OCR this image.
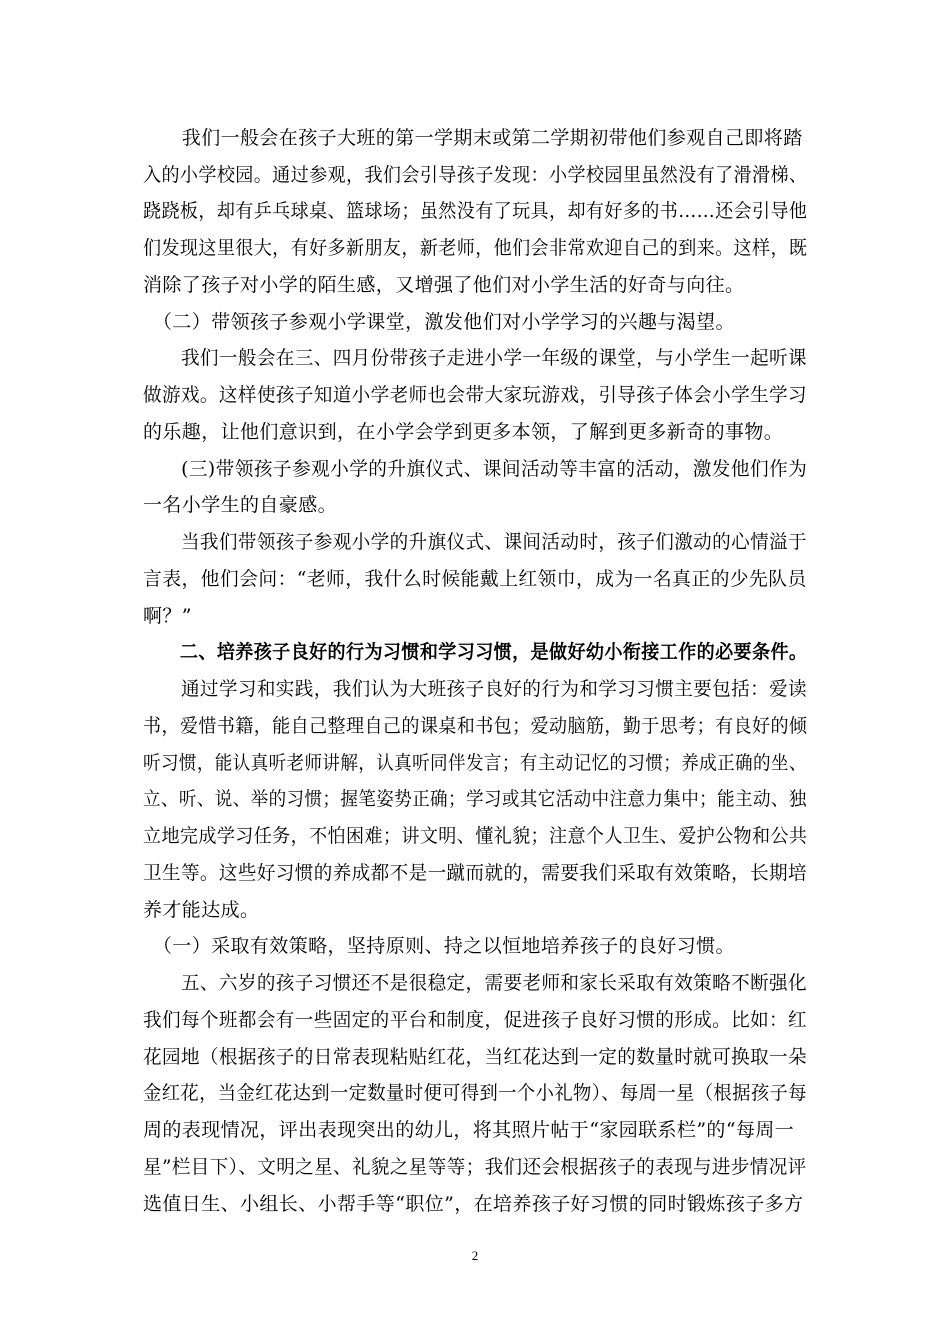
　　我们一般会在孩子大班的第一学期末或第二学期初带他们参观自己即将踏

入的小学校园。通过参观，我们会引导孩子发现：小学校园里虽然没有了滑滑梯、

跷跷板，却有乒乓球桌、篮球场；虽然没有了玩具，却有好多的书……还会引导他

们发现这里很大，有好多新朋友，新老师，他们会非常欢迎自己的到来。这样，既

消除了孩子对小学的陌生感，又增强了他们对小学生活的好奇与向往。

　（二）带领孩子参观小学课堂，激发他们对小学学习的兴趣与渴望。

　　我们一般会在三、四月份带孩子走进小学一年级的课堂，与小学生一起听课

做游戏。这样使孩子知道小学老师也会带大家玩游戏，引导孩子体会小学生学习

的乐趣，让他们意识到，在小学会学到更多本领，了解到更多新奇的事物。

　　(三)带领孩子参观小学的升旗仪式、课间活动等丰富的活动，激发他们作为

一名小学生的自豪感。

　　当我们带领孩子参观小学的升旗仪式、课间活动时，孩子们激动的心情溢于

言表，他们会问：“老师，我什么时候能戴上红领巾，成为一名真正的少先队员

啊？”

　　二、培养孩子良好的行为习惯和学习习惯，是做好幼小衔接工作的必要条件。

　　通过学习和实践，我们认为大班孩子良好的行为和学习习惯主要包括：爱读

书，爱惜书籍，能自己整理自己的课桌和书包；爱动脑筋，勤于思考；有良好的倾

听习惯，能认真听老师讲解，认真听同伴发言；有主动记忆的习惯；养成正确的坐、

立、听、说、举的习惯；握笔姿势正确；学习或其它活动中注意力集中；能主动、独

立地完成学习任务，不怕困难；讲文明、懂礼貌；注意个人卫生、爱护公物和公共

卫生等。这些好习惯的养成都不是一蹴而就的，需要我们采取有效策略，长期培

养才能达成。

　（一）采取有效策略，坚持原则、持之以恒地培养孩子的良好习惯。

　　五、六岁的孩子习惯还不是很稳定，需要老师和家长采取有效策略不断强化

我们每个班都会有一些固定的平台和制度，促进孩子良好习惯的形成。比如：红

花园地（根据孩子的日常表现粘贴红花，当红花达到一定的数量时就可换取一朵

金红花，当金红花达到一定数量时便可得到一个小礼物）、每周一星（根据孩子每

周的表现情况，评出表现突出的幼儿，将其照片帖于“家园联系栏”的“每周一

星”栏目下）、文明之星、礼貌之星等等；我们还会根据孩子的表现与进步情况评

选值日生、小组长、小帮手等“职位”，在培养孩子好习惯的同时锻炼孩子多方

2
